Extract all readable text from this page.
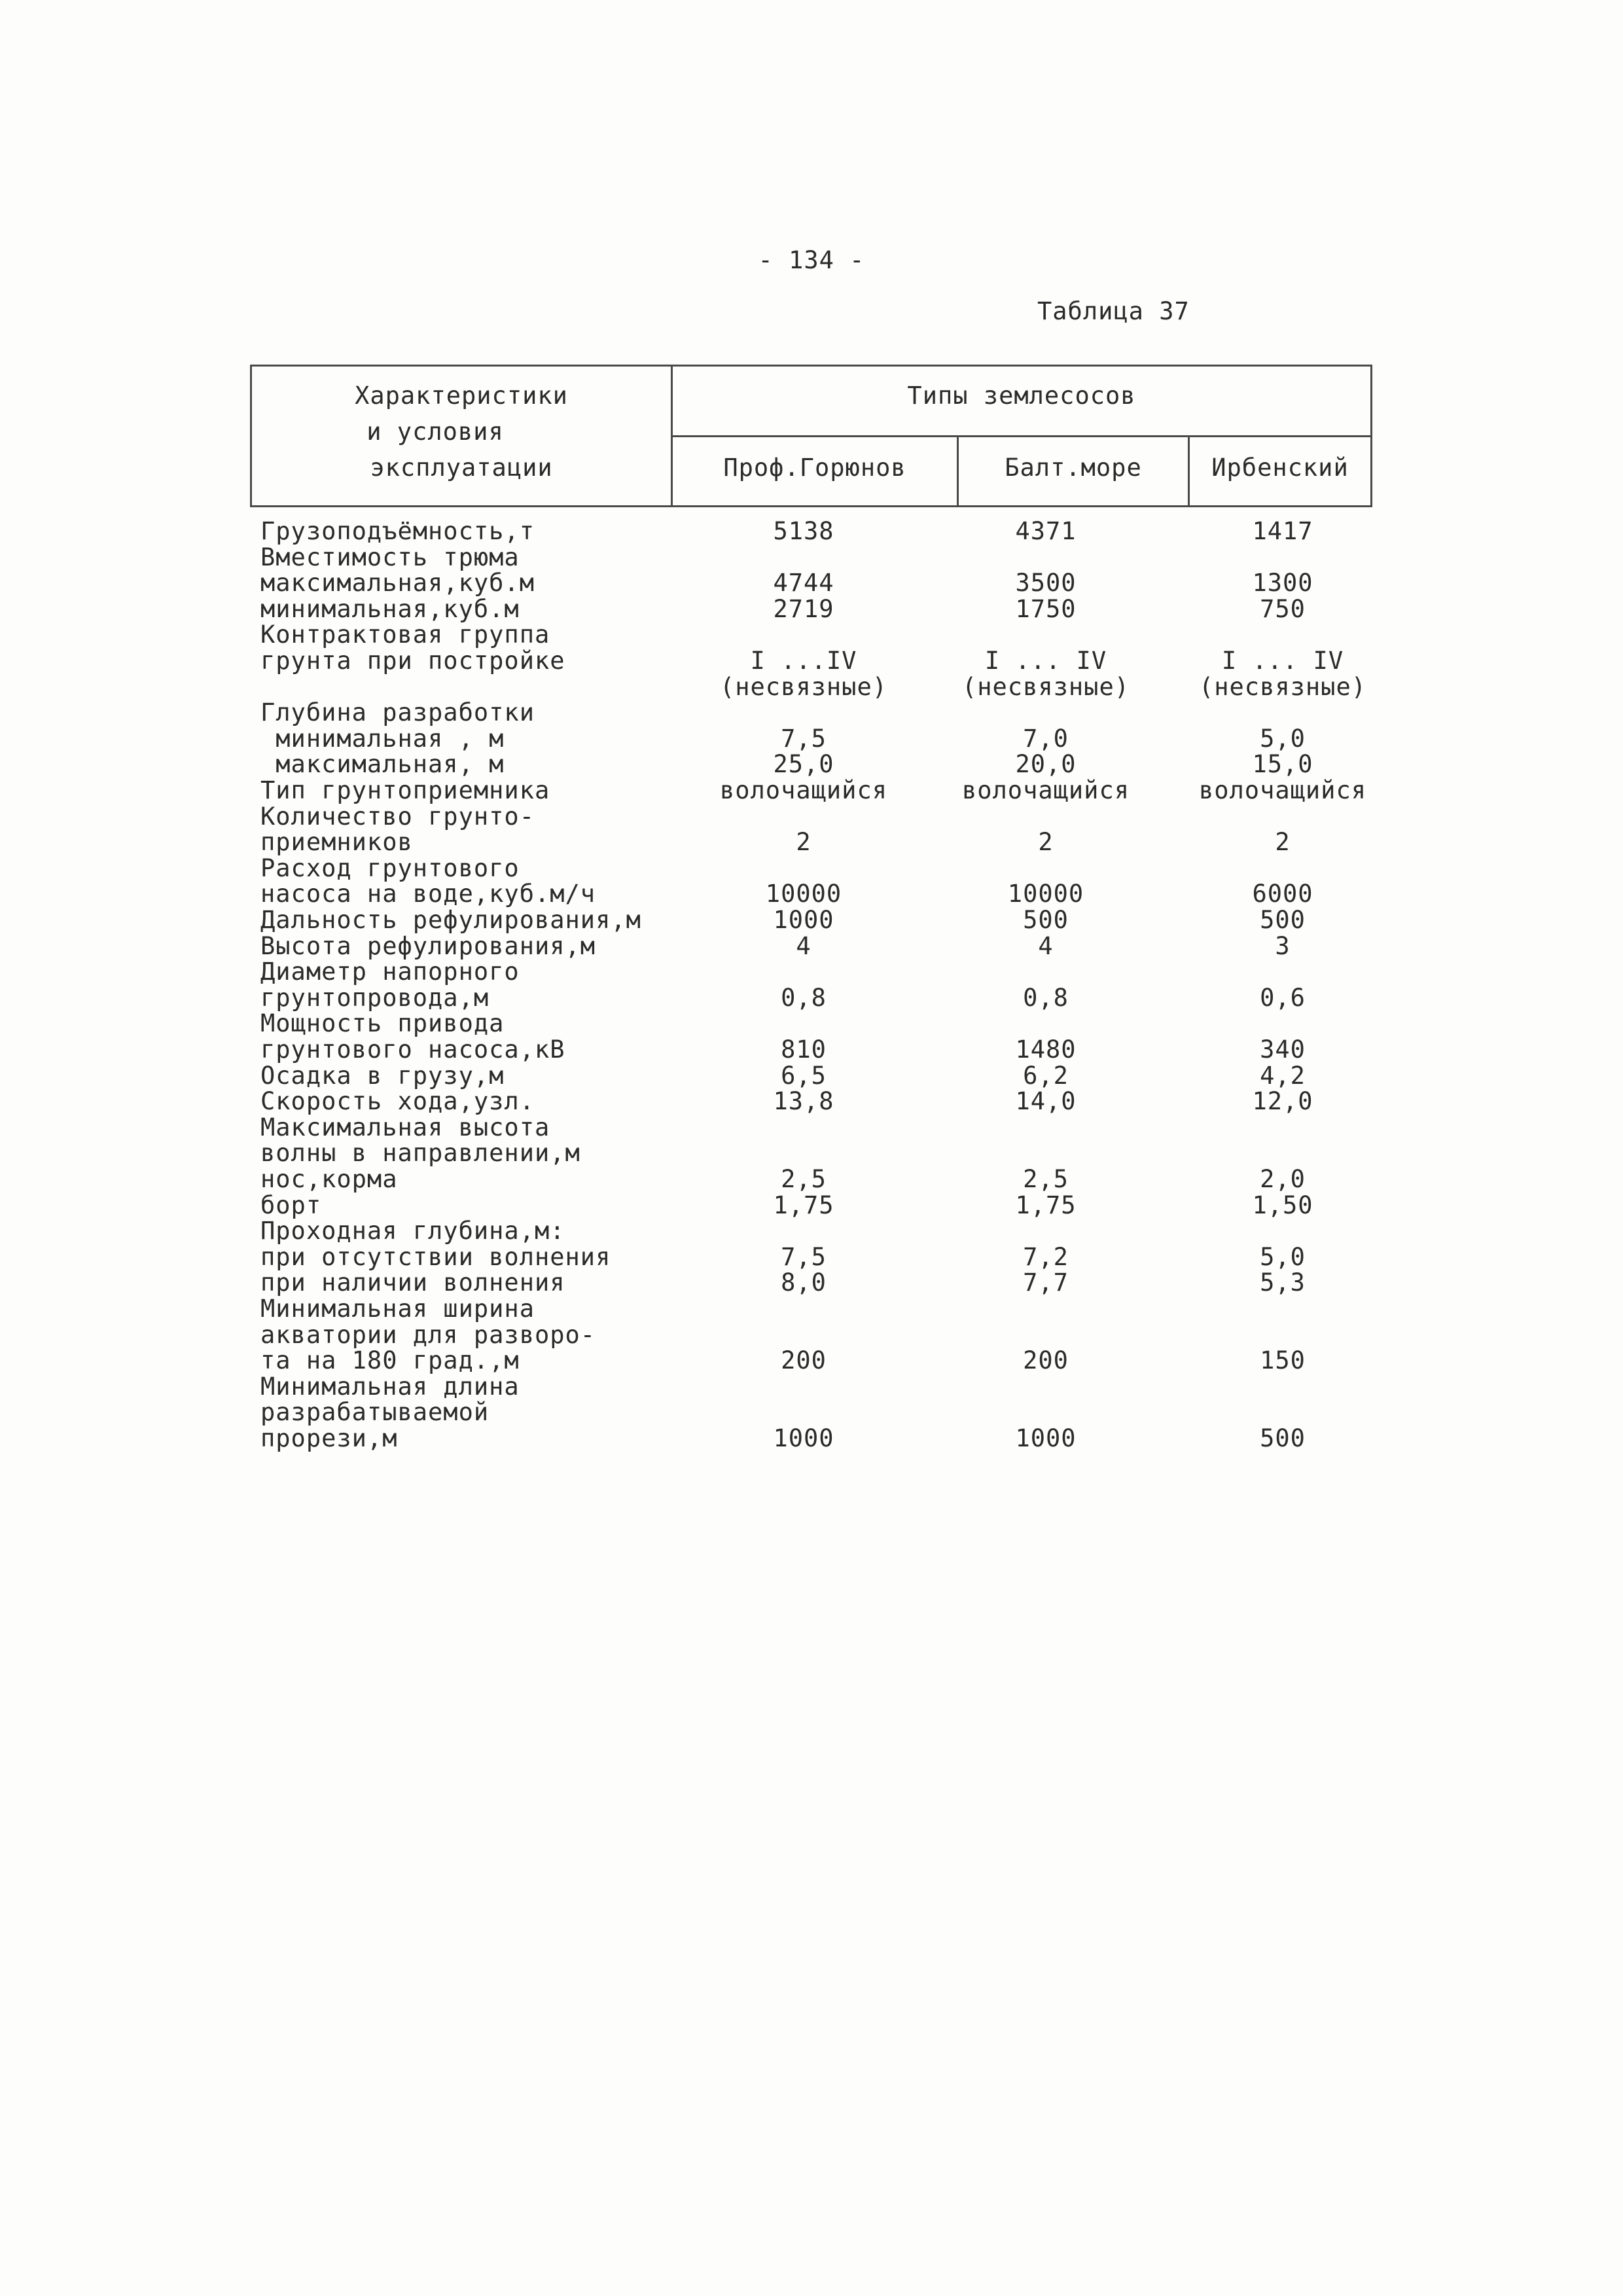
- 134 -
Таблица 37
Характеристики
и условия
эксплуатации
Типы землесосов
Проф.Горюнов	Балт.море	Ирбенский
Грузоподъёмность,т	5138	4371	1417
Вместимость трюма
максимальная,куб.м	4744	3500	1300
минимальная,куб.м	2719	1750	750
Контрактовая группа
грунта при постройке	I ...IV	I ... IV	I ... IV
(несвязные)	(несвязные)	(несвязные)
Глубина разработки
минимальная , м	7,5	7,0	5,0
максимальная, м	25,0	20,0	15,0
Тип грунтоприемника	волочащийся	волочащийся	волочащийся
Количество грунто-
приемников	2	2	2
Расход грунтового
насоса на воде,куб.м/ч	10000	10000	6000
Дальность рефулирования,м	1000	500	500
Высота рефулирования,м	4	4	3
Диаметр напорного
грунтопровода,м	0,8	0,8	0,6
Мощность привода
грунтового насоса,кВ	810	1480	340
Осадка в грузу,м	6,5	6,2	4,2
Скорость хода,узл.	13,8	14,0	12,0
Максимальная высота
волны в направлении,м
нос,корма	2,5	2,5	2,0
борт	1,75	1,75	1,50
Проходная глубина,м:
при отсутствии волнения	7,5	7,2	5,0
при наличии волнения	8,0	7,7	5,3
Минимальная ширина
акватории для разворо-
та на 180 град.,м	200	200	150
Минимальная длина
разрабатываемой
прорези,м	1000	1000	500
